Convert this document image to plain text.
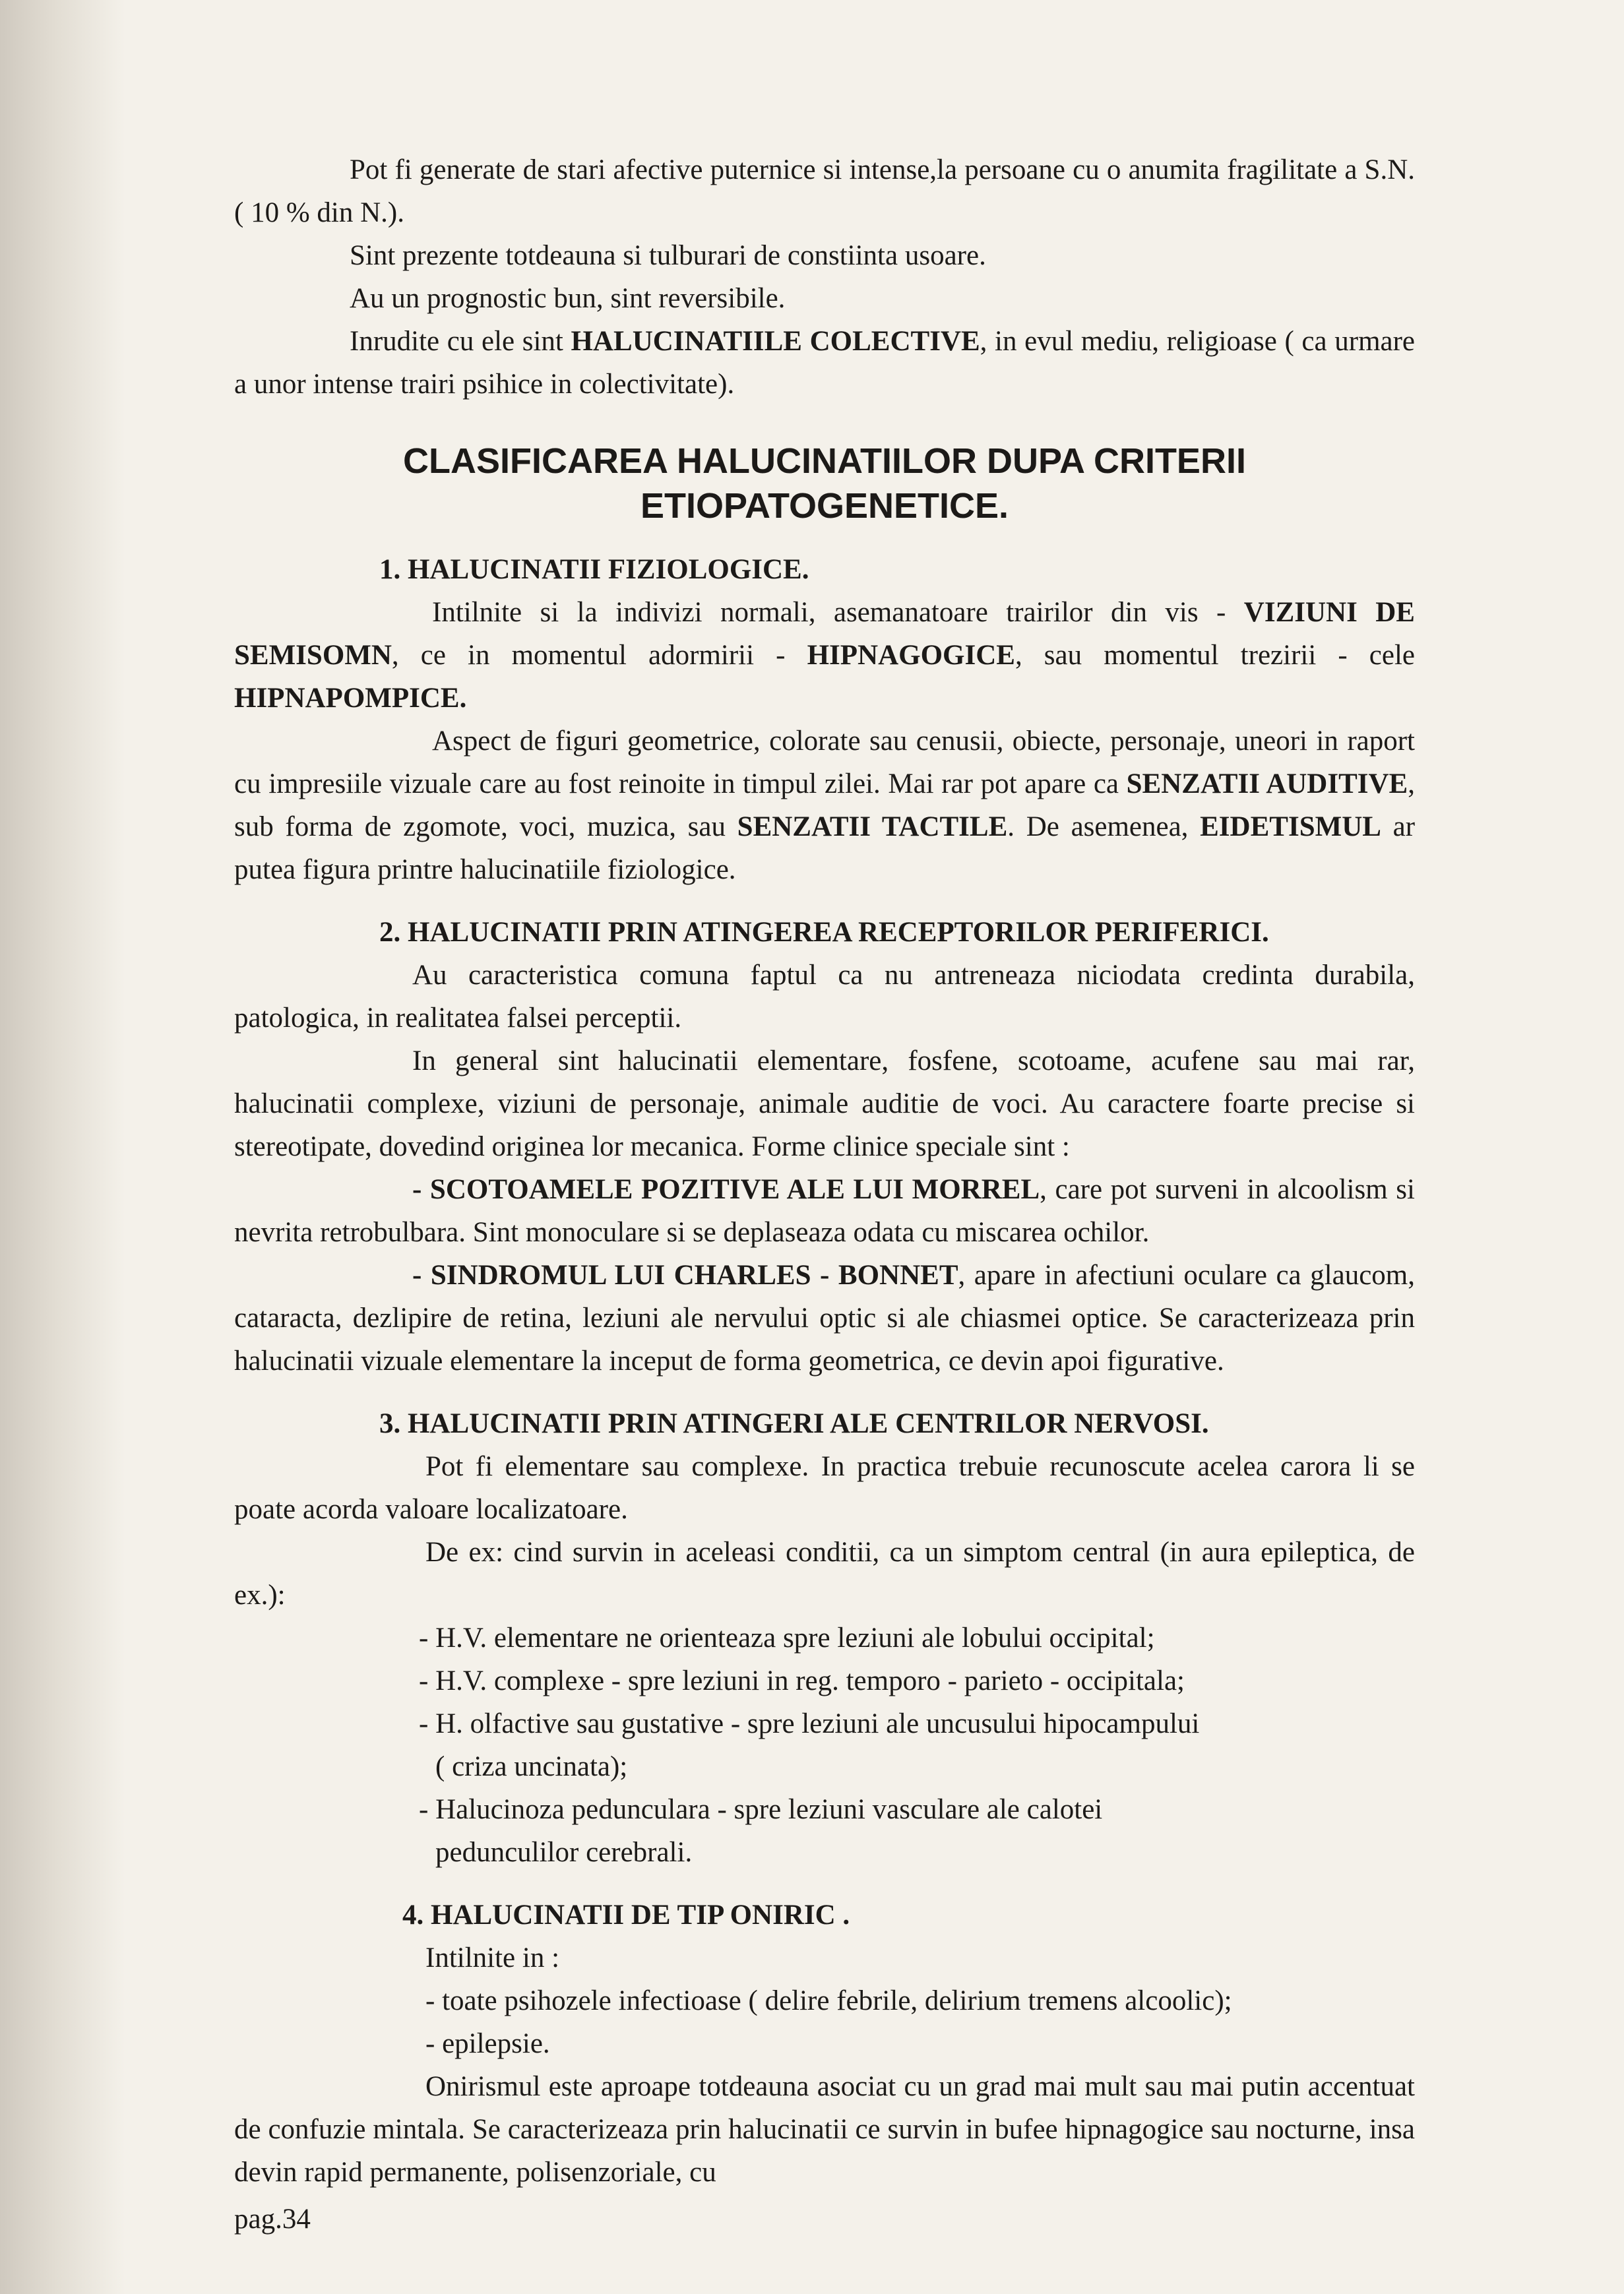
Pot fi generate de stari afective puternice si intense,la persoane cu o anumita fragilitate a S.N.( 10 % din N.).

Sint prezente totdeauna si tulburari de constiinta usoare.

Au un prognostic bun, sint reversibile.

Inrudite cu ele sint HALUCINATIILE COLECTIVE, in evul mediu, religioase ( ca urmare a unor intense trairi psihice in colectivitate).

CLASIFICAREA HALUCINATIILOR DUPA CRITERII
ETIOPATOGENETICE.

1. HALUCINATII FIZIOLOGICE.

Intilnite si la indivizi normali, asemanatoare trairilor din vis - VIZIUNI DE SEMISOMN, ce in momentul adormirii - HIPNAGOGICE, sau momentul trezirii - cele HIPNAPOMPICE.

Aspect de figuri geometrice, colorate sau cenusii, obiecte, personaje, uneori in raport cu impresiile vizuale care au fost reinoite in timpul zilei. Mai rar pot apare ca SENZATII AUDITIVE, sub forma de zgomote, voci, muzica, sau SENZATII TACTILE. De asemenea, EIDETISMUL ar putea figura printre halucinatiile fiziologice.

2. HALUCINATII PRIN ATINGEREA RECEPTORILOR PERIFERICI.

Au caracteristica comuna faptul ca nu antreneaza niciodata credinta durabila, patologica, in realitatea falsei perceptii.

In general sint halucinatii elementare, fosfene, scotoame, acufene sau mai rar, halucinatii complexe, viziuni de personaje, animale auditie de voci. Au caractere foarte precise si stereotipate, dovedind originea lor mecanica. Forme clinice speciale sint :

- SCOTOAMELE POZITIVE ALE LUI MORREL, care pot surveni in alcoolism si nevrita retrobulbara. Sint monoculare si se deplaseaza odata cu miscarea ochilor.

- SINDROMUL LUI CHARLES - BONNET, apare in afectiuni oculare ca glaucom, cataracta, dezlipire de retina, leziuni ale nervului optic si ale chiasmei optice. Se caracterizeaza prin halucinatii vizuale elementare la inceput de forma geometrica, ce devin apoi figurative.

3. HALUCINATII PRIN ATINGERI ALE CENTRILOR NERVOSI.

Pot fi elementare sau complexe. In practica trebuie recunoscute acelea carora li se poate acorda valoare localizatoare.

De ex: cind survin in aceleasi conditii, ca un simptom central (in aura epileptica, de ex.):

- H.V. elementare ne orienteaza spre leziuni ale lobului occipital;
- H.V. complexe - spre leziuni in reg. temporo - parieto - occipitala;
- H. olfactive sau gustative - spre leziuni ale uncusului hipocampului
( criza uncinata);
- Halucinoza pedunculara - spre leziuni vasculare ale calotei
pedunculilor cerebrali.

4. HALUCINATII DE TIP ONIRIC .

Intilnite in :

- toate psihozele infectioase ( delire febrile, delirium tremens alcoolic);
- epilepsie.

Onirismul este aproape totdeauna asociat cu un grad mai mult sau mai putin accentuat de confuzie mintala. Se caracterizeaza prin halucinatii ce survin in bufee hipnagogice sau nocturne, insa devin rapid permanente, polisenzoriale, cu

pag.34
